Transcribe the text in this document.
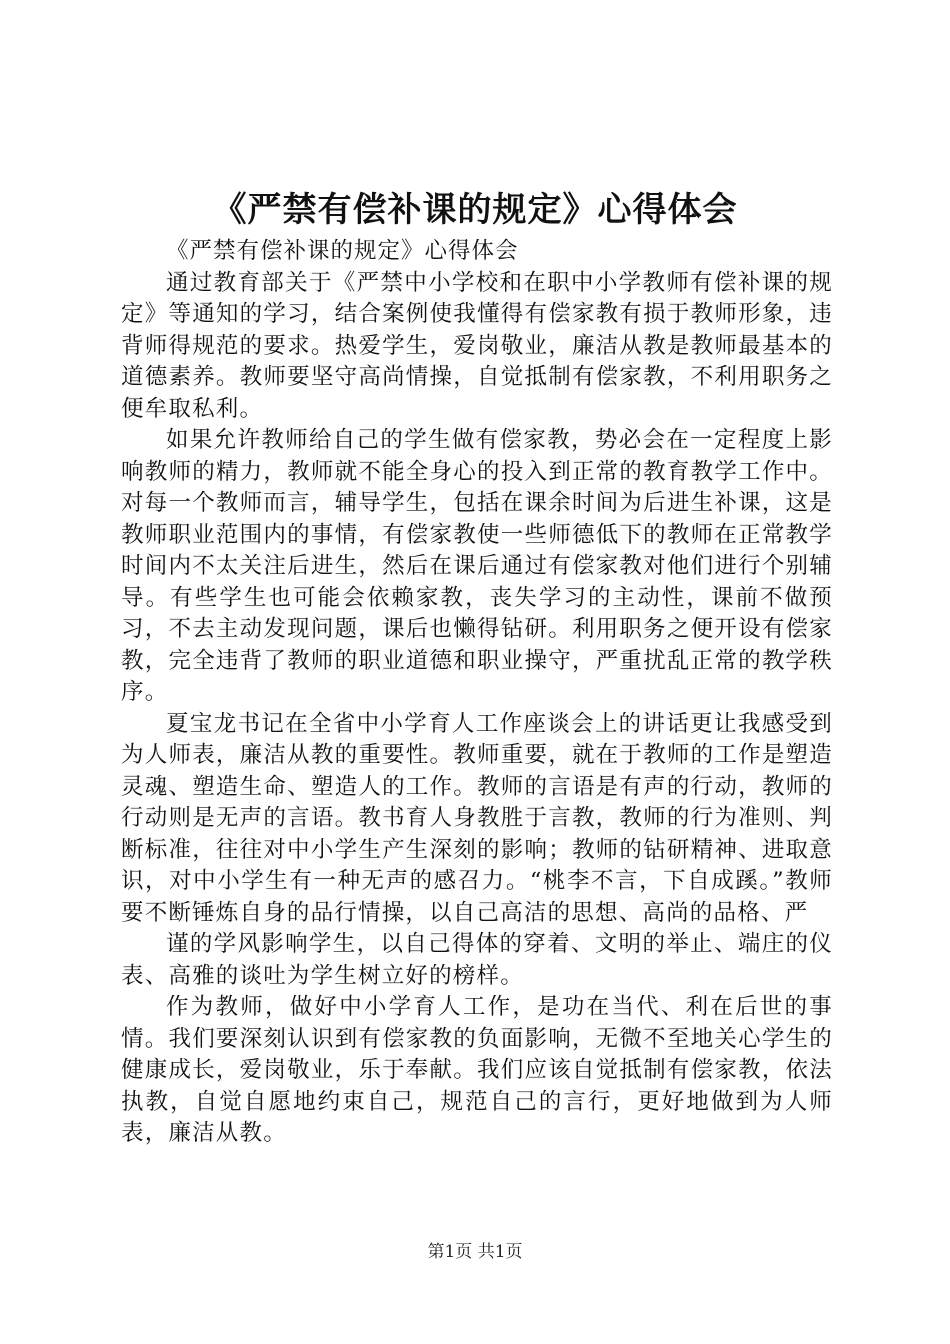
《严禁有偿补课的规定》心得体会

《严禁有偿补课的规定》心得体会

通过教育部关于《严禁中小学校和在职中小学教师有偿补课的规定》等通知的学习，结合案例使我懂得有偿家教有损于教师形象，违背师得规范的要求。热爱学生，爱岗敬业，廉洁从教是教师最基本的道德素养。教师要坚守高尚情操，自觉抵制有偿家教，不利用职务之便牟取私利。

如果允许教师给自己的学生做有偿家教，势必会在一定程度上影响教师的精力，教师就不能全身心的投入到正常的教育教学工作中。对每一个教师而言，辅导学生，包括在课余时间为后进生补课，这是教师职业范围内的事情，有偿家教使一些师德低下的教师在正常教学时间内不太关注后进生，然后在课后通过有偿家教对他们进行个别辅导。有些学生也可能会依赖家教，丧失学习的主动性，课前不做预习，不去主动发现问题，课后也懒得钻研。利用职务之便开设有偿家教，完全违背了教师的职业道德和职业操守，严重扰乱正常的教学秩序。

夏宝龙书记在全省中小学育人工作座谈会上的讲话更让我感受到为人师表，廉洁从教的重要性。教师重要，就在于教师的工作是塑造灵魂、塑造生命、塑造人的工作。教师的言语是有声的行动，教师的行动则是无声的言语。教书育人身教胜于言教，教师的行为准则、判断标准，往往对中小学生产生深刻的影响；教师的钻研精神、进取意识，对中小学生有一种无声的感召力。“桃李不言，下自成蹊。”教师要不断锤炼自身的品行情操，以自己高洁的思想、高尚的品格、严

谨的学风影响学生，以自己得体的穿着、文明的举止、端庄的仪表、高雅的谈吐为学生树立好的榜样。

作为教师，做好中小学育人工作，是功在当代、利在后世的事情。我们要深刻认识到有偿家教的负面影响，无微不至地关心学生的健康成长，爱岗敬业，乐于奉献。我们应该自觉抵制有偿家教，依法执教，自觉自愿地约束自己，规范自己的言行，更好地做到为人师表，廉洁从教。

第1页 共1页
